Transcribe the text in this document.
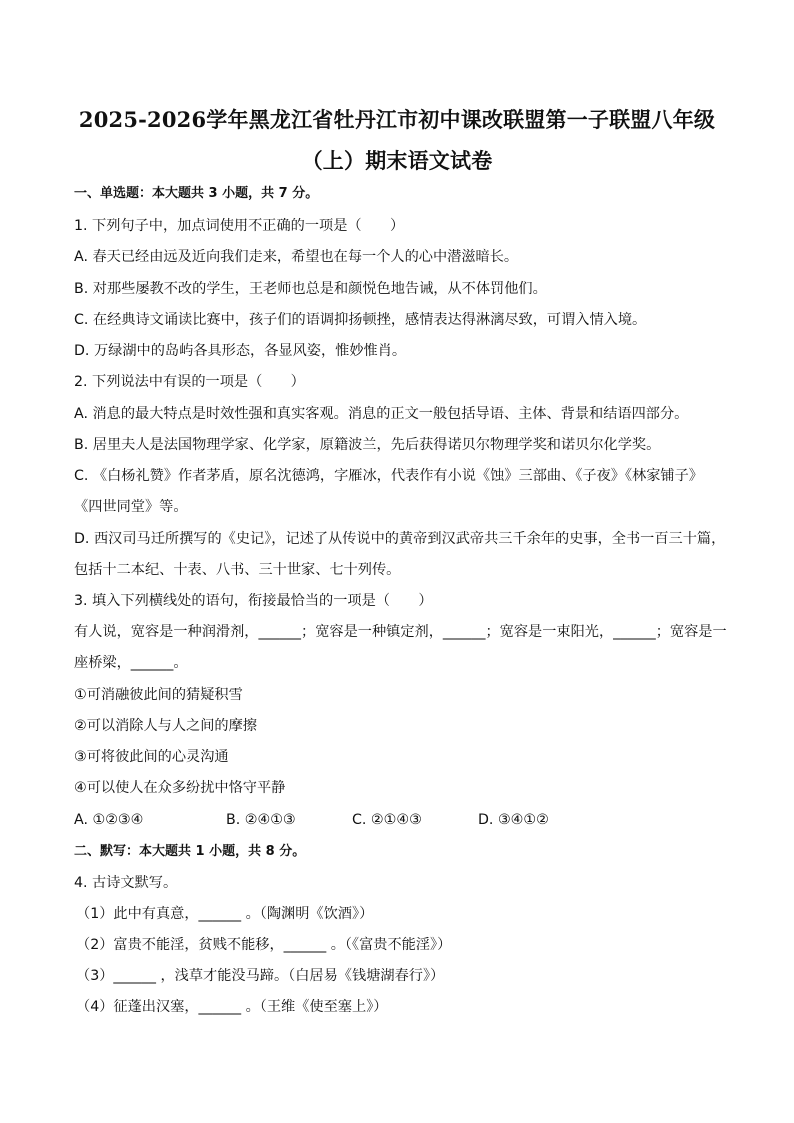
2025-2026学年黑龙江省牡丹江市初中课改联盟第一子联盟八年级
（上）期末语文试卷
一、单选题：本大题共 3 小题，共 7 分。
1. 下列句子中，加点词使用不正确的一项是（　　）
A. 春天已经由远及近向我们走来，希望也在每一个人的心中潜滋暗长。
B. 对那些屡教不改的学生，王老师也总是和颜悦色地告诫，从不体罚他们。
C. 在经典诗文诵读比赛中，孩子们的语调抑扬顿挫，感情表达得淋漓尽致，可谓入情入境。
D. 万绿湖中的岛屿各具形态，各显风姿，惟妙惟肖。
2. 下列说法中有误的一项是（　　）
A. 消息的最大特点是时效性强和真实客观。消息的正文一般包括导语、主体、背景和结语四部分。
B. 居里夫人是法国物理学家、化学家，原籍波兰，先后获得诺贝尔物理学奖和诺贝尔化学奖。
C. 《白杨礼赞》作者茅盾，原名沈德鸿，字雁冰，代表作有小说《蚀》三部曲、《子夜》《林家铺子》
《四世同堂》等。
D. 西汉司马迁所撰写的《史记》，记述了从传说中的黄帝到汉武帝共三千余年的史事，全书一百三十篇，
包括十二本纪、十表、八书、三十世家、七十列传。
3. 填入下列横线处的语句，衔接最恰当的一项是（　　）
有人说，宽容是一种润滑剂，______；宽容是一种镇定剂，______；宽容是一束阳光，______；宽容是一
座桥梁，______。
①可消融彼此间的猜疑积雪
②可以消除人与人之间的摩擦
③可将彼此间的心灵沟通
④可以使人在众多纷扰中恪守平静
A. ①②③④	B. ②④①③	C. ②①④③	D. ③④①②
二、默写：本大题共 1 小题，共 8 分。
4. 古诗文默写。
（1）此中有真意，______ 。（陶渊明《饮酒》）
（2）富贵不能淫，贫贱不能移，______ 。（《富贵不能淫》）
（3）______ ，浅草才能没马蹄。（白居易《钱塘湖春行》）
（4）征蓬出汉塞，______ 。（王维《使至塞上》）
